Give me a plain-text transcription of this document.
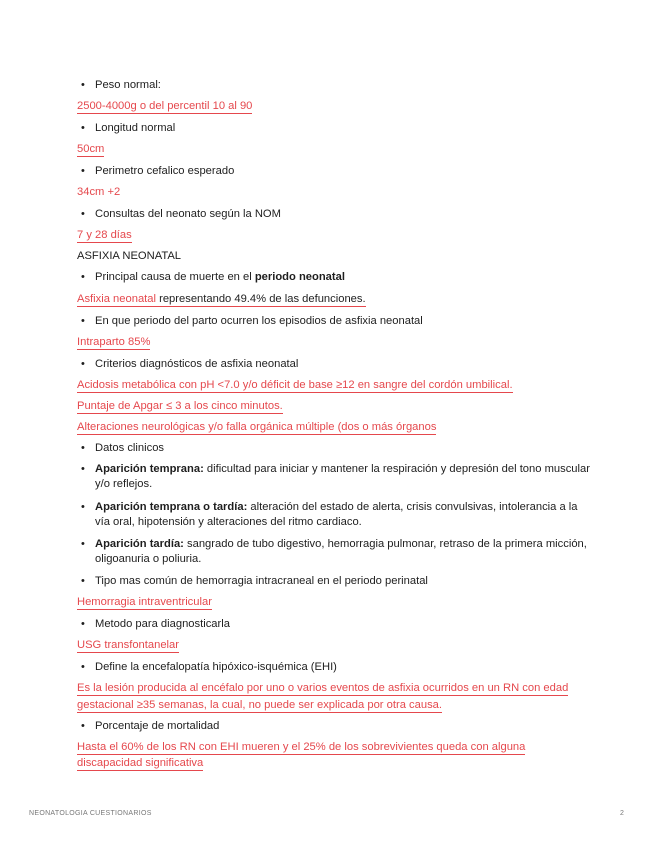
• Peso normal:
2500-4000g o del percentil 10 al 90
• Longitud normal
50cm
• Perimetro cefalico esperado
34cm +2
• Consultas del neonato según la NOM
7 y 28 días
ASFIXIA NEONATAL
• Principal causa de muerte en el periodo neonatal
Asfixia neonatal representando 49.4% de las defunciones.
• En que periodo del parto ocurren los episodios de asfixia neonatal
Intraparto 85%
• Criterios diagnósticos de asfixia neonatal
Acidosis metabólica con pH <7.0 y/o déficit de base ≥12 en sangre del cordón umbilical.
Puntaje de Apgar ≤ 3 a los cinco minutos.
Alteraciones neurológicas y/o falla orgánica múltiple (dos o más órganos
• Datos clinicos
• Aparición temprana: dificultad para iniciar y mantener la respiración y depresión del tono muscular y/o reflejos.
• Aparición temprana o tardía: alteración del estado de alerta, crisis convulsivas, intolerancia a la vía oral, hipotensión y alteraciones del ritmo cardiaco.
• Aparición tardía: sangrado de tubo digestivo, hemorragia pulmonar, retraso de la primera micción, oligoanuria o poliuria.
• Tipo mas común de hemorragia intracraneal en el periodo perinatal
Hemorragia intraventricular
• Metodo para diagnosticarla
USG transfontanelar
• Define la encefalopatía hipóxico-isquémica (EHI)
Es la lesión producida al encéfalo por uno o varios eventos de asfixia ocurridos en un RN con edad
gestacional ≥35 semanas, la cual, no puede ser explicada por otra causa.
• Porcentaje de mortalidad
Hasta el 60% de los RN con EHI mueren y el 25% de los sobrevivientes queda con alguna
discapacidad significativa
NEONATOLOGIA CUESTIONARIOS	2
